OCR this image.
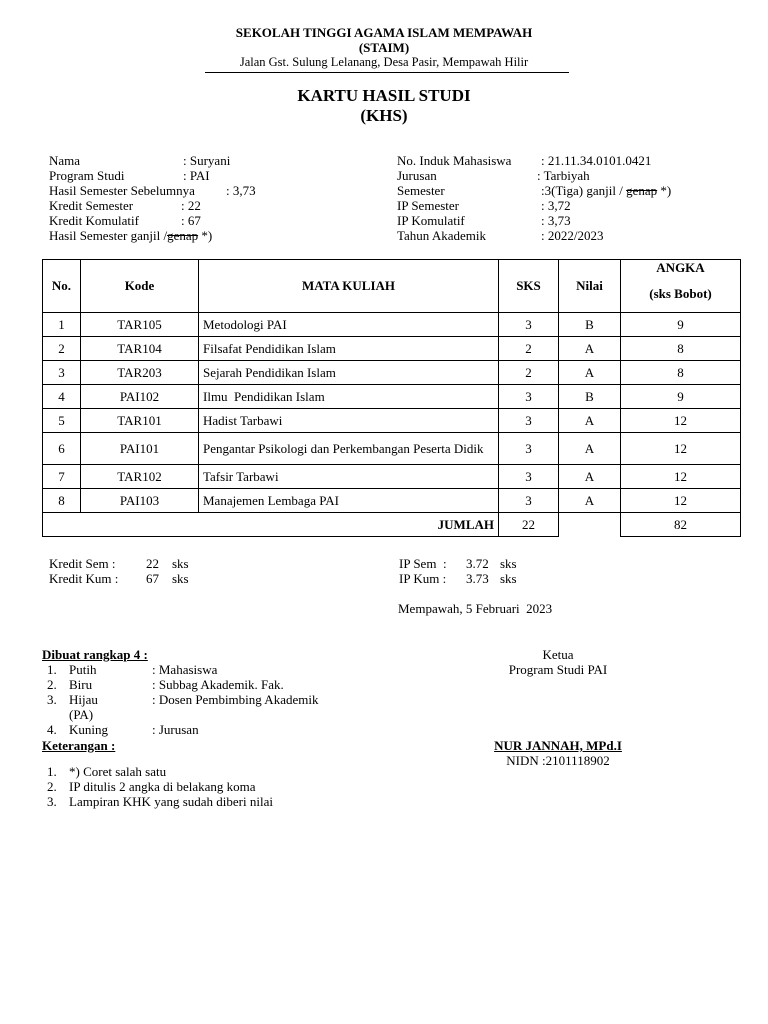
SEKOLAH TINGGI AGAMA ISLAM MEMPAWAH
(STAIM)
Jalan Gst. Sulung Lelanang, Desa Pasir, Mempawah Hilir
KARTU HASIL STUDI
(KHS)
Nama	: Suryani
Program Studi	: PAI
Hasil Semester Sebelumnya : 3,73
Kredit Semester	: 22
Kredit Komulatif	: 67
Hasil Semester ganjil /genap *)
No. Induk Mahasiswa : 21.11.34.0101.0421
Jurusan	: Tarbiyah
Semester	:3(Tiga) ganjil / genap *)
IP Semester	: 3,72
IP Komulatif	: 3,73
Tahun Akademik	: 2022/2023
No.	Kode	MATA KULIAH	SKS	Nilai	ANGKA
(sks Bobot)

1	TAR105	Metodologi PAI	3	B	9
2	TAR104	Filsafat Pendidikan Islam	2	A	8
3	TAR203	Sejarah Pendidikan Islam	2	A	8
4	PAI102	Ilmu  Pendidikan Islam	3	B	9
5	TAR101	Hadist Tarbawi	3	A	12
6	PAI101	Pengantar Psikologi dan Perkembangan Peserta Didik	3	A	12
7	TAR102	Tafsir Tarbawi	3	A	12
8	PAI103	Manajemen Lembaga PAI	3	A	12
JUMLAH			22		82
Kredit Sem : 22 sks
Kredit Kum : 67 sks
IP Sem  : 3.72 sks
IP Kum : 3.73 sks
Mempawah, 5 Februari  2023
Dibuat rangkap 4 :
1. Putih	: Mahasiswa
2. Biru	: Subbag Akademik. Fak.
3. Hijau	: Dosen Pembimbing Akademik
(PA)
4. Kuning	: Jurusan
Keterangan :
1. *) Coret salah satu
2. IP ditulis 2 angka di belakang koma
3. Lampiran KHK yang sudah diberi nilai
Ketua
Program Studi PAI
NUR JANNAH, MPd.I
NIDN :2101118902
